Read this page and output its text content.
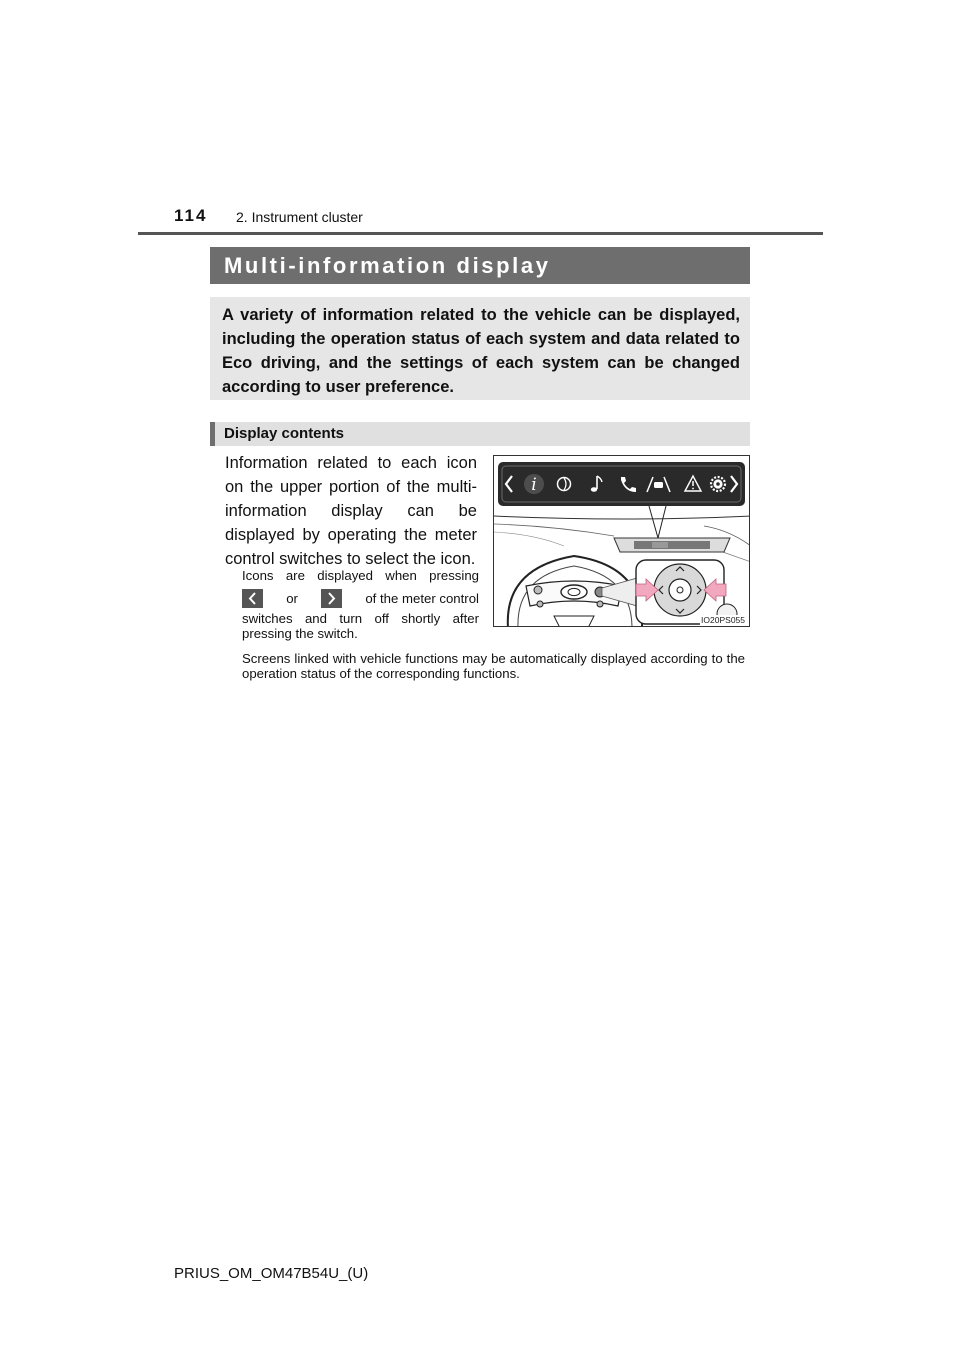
114 2. Instrument cluster
Multi-information display

A variety of information related to the vehicle can be displayed, including the operation status of each system and data related to Eco driving, and the settings of each system can be changed according to user preference.

Display contents

Information related to each icon on the upper portion of the multi-information display can be displayed by operating the meter control switches to select the icon.

Icons are displayed when pressing
or	of the meter control
switches and turn off shortly after
pressing the switch.

Screens linked with vehicle functions may be automatically displayed according to the operation status of the corresponding functions.

i
IO20PS055
PRIUS_OM_OM47B54U_(U)
